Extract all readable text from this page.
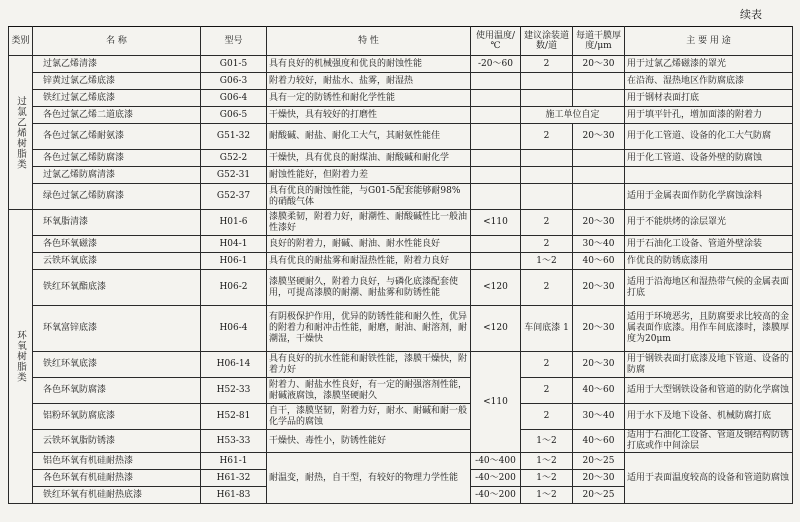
续表
类别	名 称	型号	特 性	使用温度/℃	建议涂装道数/道	每道干膜厚度/μm	主 要 用 途
过氯乙烯树脂类	过氯乙烯清漆	G01-5	具有良好的机械强度和优良的耐蚀性能	-20～60	2	20～30	用于过氯乙烯磁漆的罩光
	锌黄过氯乙烯底漆	G06-3	附着力较好，耐盐水、盐雾，耐湿热				在沿海、湿热地区作防腐底漆
	铁红过氯乙烯底漆	G06-4	具有一定的防锈性和耐化学性能				用于钢材表面打底
	各色过氯乙烯二道底漆	G06-5	干燥快，具有较好的打磨性		施工单位自定		用于填平针孔，增加面漆的附着力
	各色过氯乙烯耐氨漆	G51-32	耐酸碱、耐盐、耐化工大气，其耐氨性能佳		2	20～30	用于化工管道、设备的化工大气防腐
	各色过氯乙烯防腐漆	G52-2	干燥快，具有优良的耐煤油、耐酸碱和耐化学				用于化工管道、设备外壁的防腐蚀
	过氯乙烯防腐清漆	G52-31	耐蚀性能好，但附着力差				
	绿色过氯乙烯防腐漆	G52-37	具有优良的耐蚀性能，与G01-5配套能够耐98%的硝酸气体				适用于金属表面作防化学腐蚀涂料
环氧树脂类	环氧脂清漆	H01-6	漆膜柔韧，附着力好，耐潮性、耐酸碱性比一般油性漆好	<110	2	20～30	用于不能烘烤的涂层罩光
	各色环氧磁漆	H04-1	良好的附着力，耐碱、耐油、耐水性能良好		2	30～40	用于石油化工设备、管道外壁涂装
	云铁环氧底漆	H06-1	具有优良的耐盐雾和耐湿热性能，附着力良好		1～2	40～60	作优良的防锈底漆用
	铁红环氧酯底漆	H06-2	漆膜坚硬耐久，附着力良好，与磷化底漆配套使用，可提高漆膜的耐潮、耐盐雾和防锈性能	<120	2	20～30	适用于沿海地区和湿热带气候的金属表面打底
	环氧富锌底漆	H06-4	有阴极保护作用，优异的防锈性能和耐久性，优异的附着力和耐冲击性能，耐磨，耐油、耐溶剂，耐潮湿，干燥快	<120	车间底漆 1	20～30	适用于环境恶劣，且防腐要求比较高的金属表面作底漆。用作车间底漆时，漆膜厚度为20μm
	铁红环氧底漆	H06-14	具有良好的抗水性能和耐铁性能，漆膜干燥快，附着力好	<110	2	20～30	用于钢铁表面打底漆及地下管道、设备的防腐
	各色环氧防腐漆	H52-33	附着力、耐盐水性良好，有一定的耐强溶剂性能，耐碱液腐蚀，漆膜坚硬耐久		2	40～60	适用于大型钢铁设备和管道的防化学腐蚀
	铝粉环氧防腐底漆	H52-81	自干，漆膜坚韧，附着力好，耐水、耐碱和耐一般化学品的腐蚀		2	30～40	用于水下及地下设备、机械防腐打底
	云铁环氧脂防锈漆	H53-33	干燥快、毒性小，防锈性能好		1～2	40～60	适用于石油化工设备、管道及钢结构防锈打底或作中间涂层
	铝色环氧有机硅耐热漆	H61-1	耐温变，耐热，自干型，有较好的物理力学性能	-40～400	1～2	20～25	适用于表面温度较高的设备和管道防腐蚀
	各色环氧有机硅耐热漆	H61-32		-40～200	1～2	20～30	
	铁红环氧有机硅耐热底漆	H61-83		-40～200	1～2	20～25	
